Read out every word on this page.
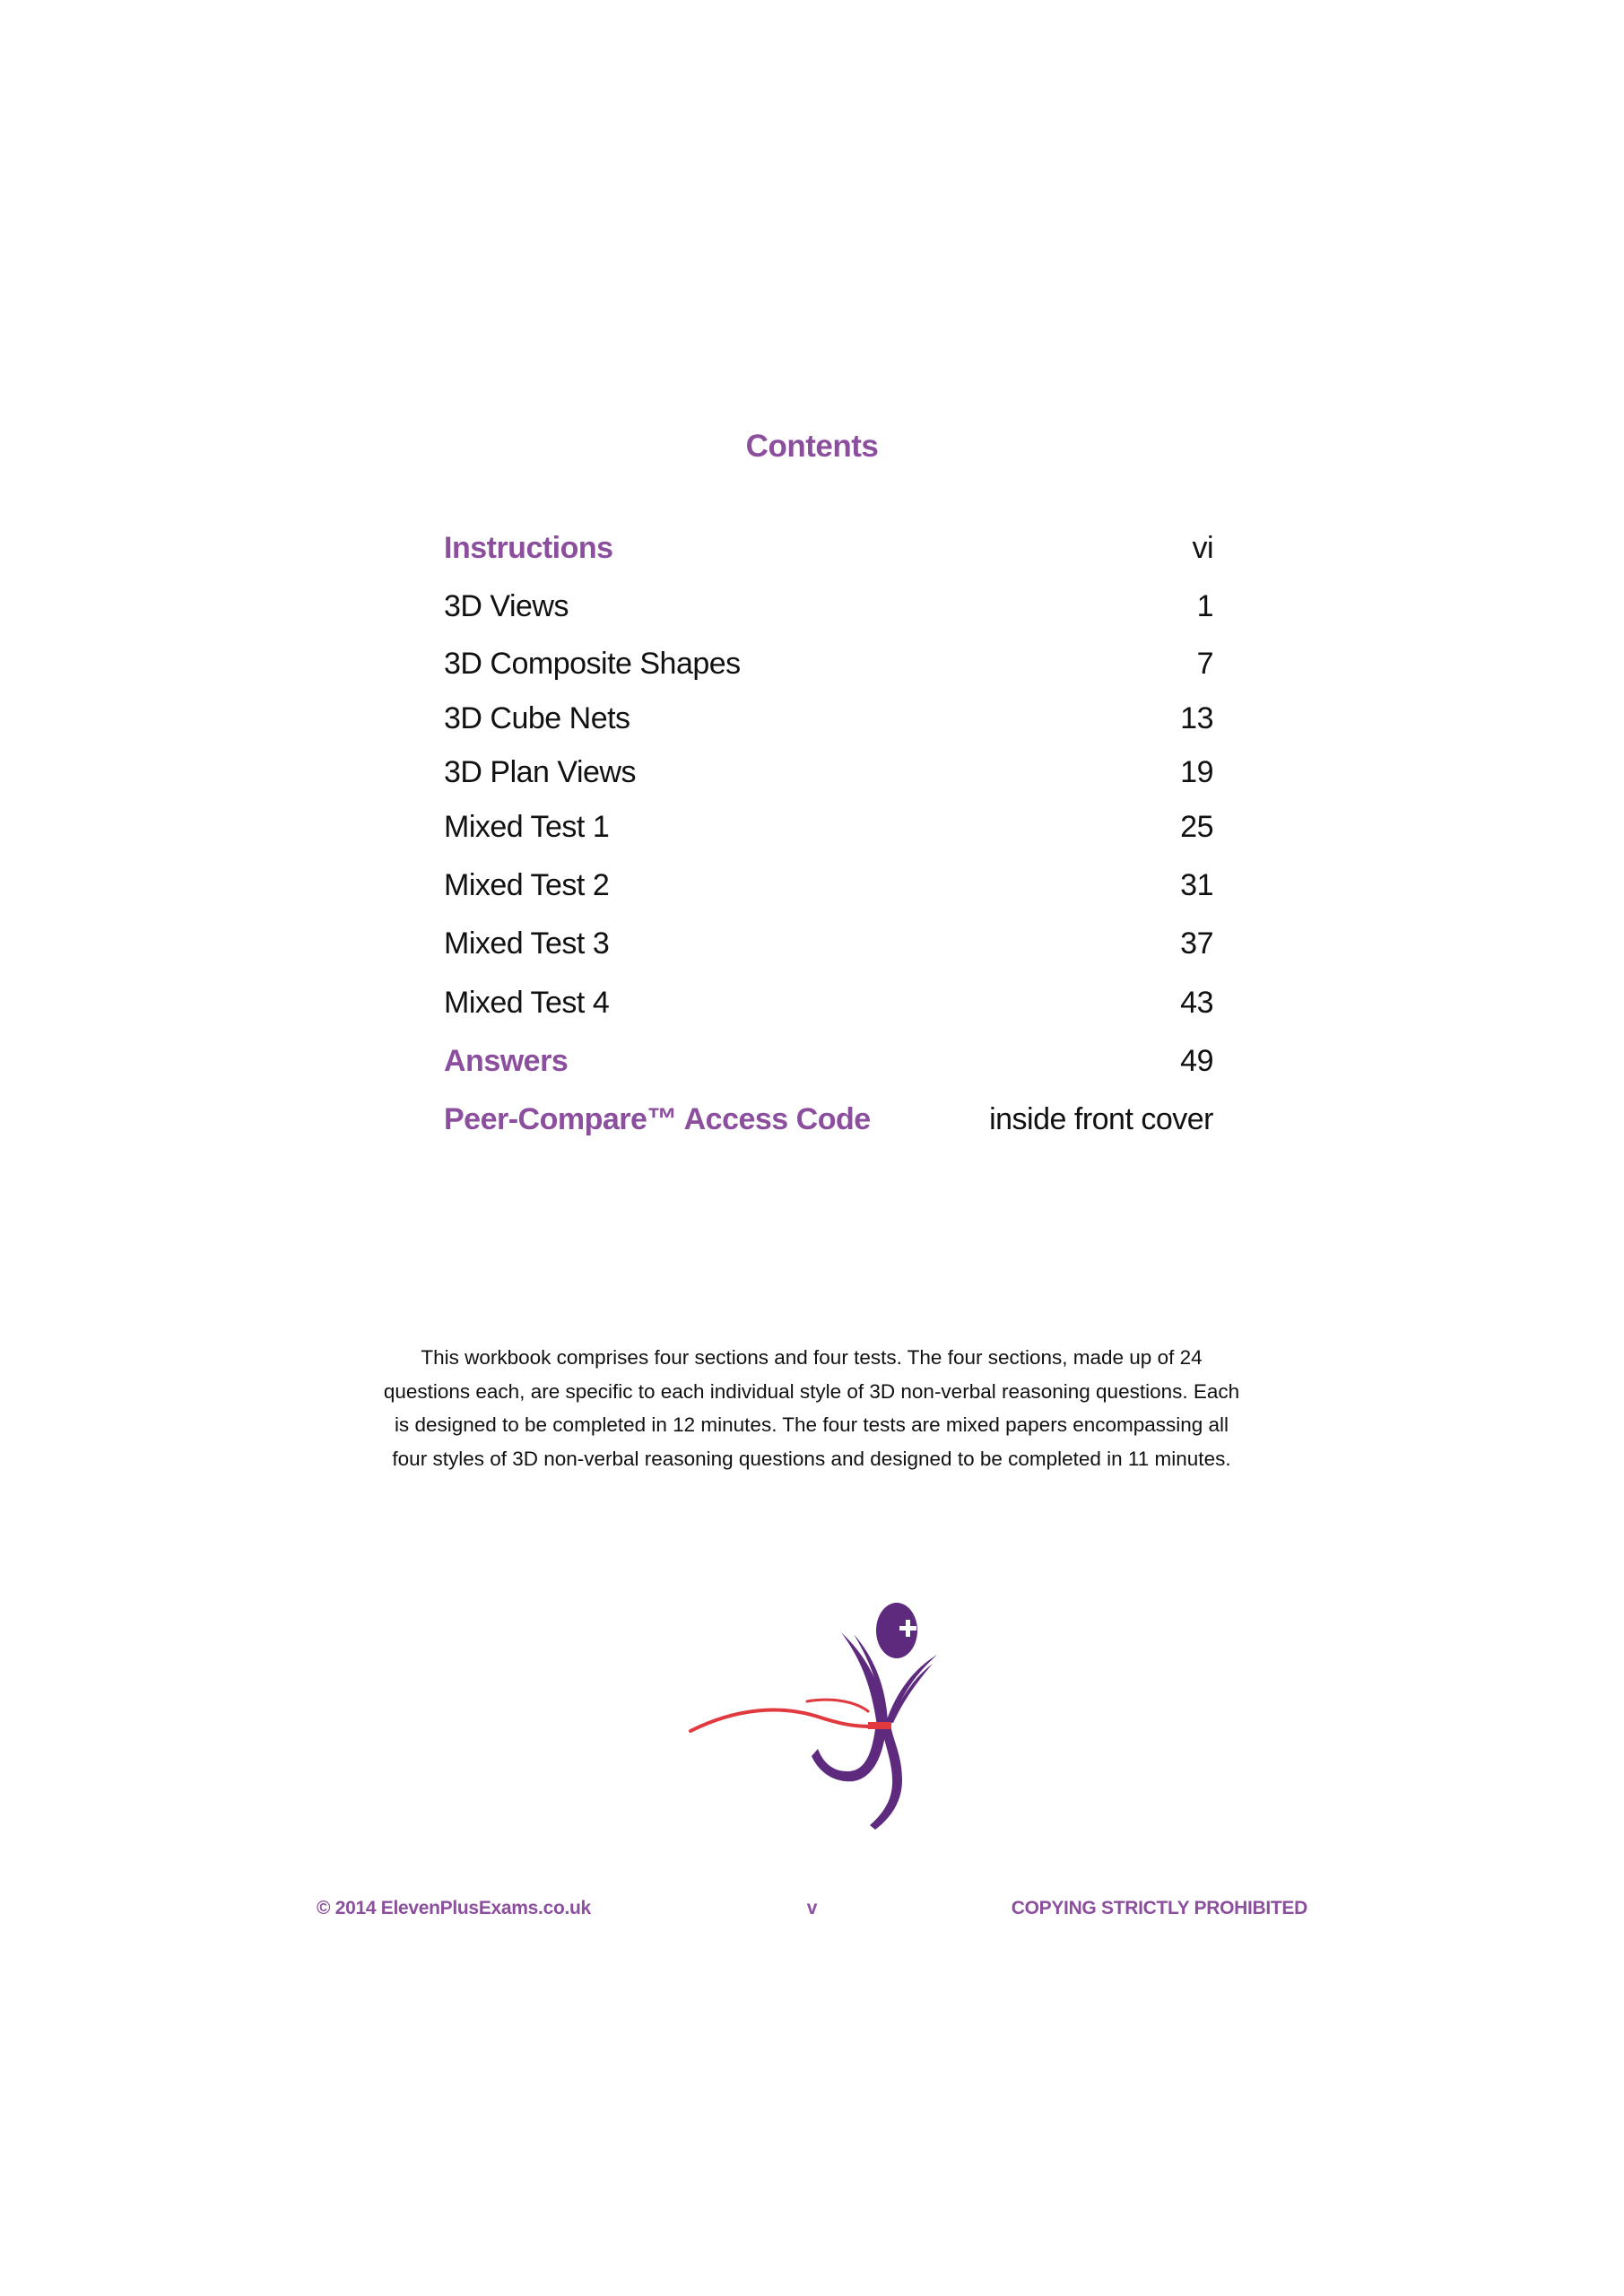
Contents
Instructions	vi
3D Views	1
3D Composite Shapes	7
3D Cube Nets	13
3D Plan Views	19
Mixed Test 1	25
Mixed Test 2	31
Mixed Test 3	37
Mixed Test 4	43
Answers	49
Peer-Compare™ Access Code	inside front cover
This workbook comprises four sections and four tests. The four sections, made up of 24 questions each, are specific to each individual style of 3D non-verbal reasoning questions. Each is designed to be completed in 12 minutes. The four tests are mixed papers encompassing all four styles of 3D non-verbal reasoning questions and designed to be completed in 11 minutes.
© 2014 ElevenPlusExams.co.uk	v	COPYING STRICTLY PROHIBITED
